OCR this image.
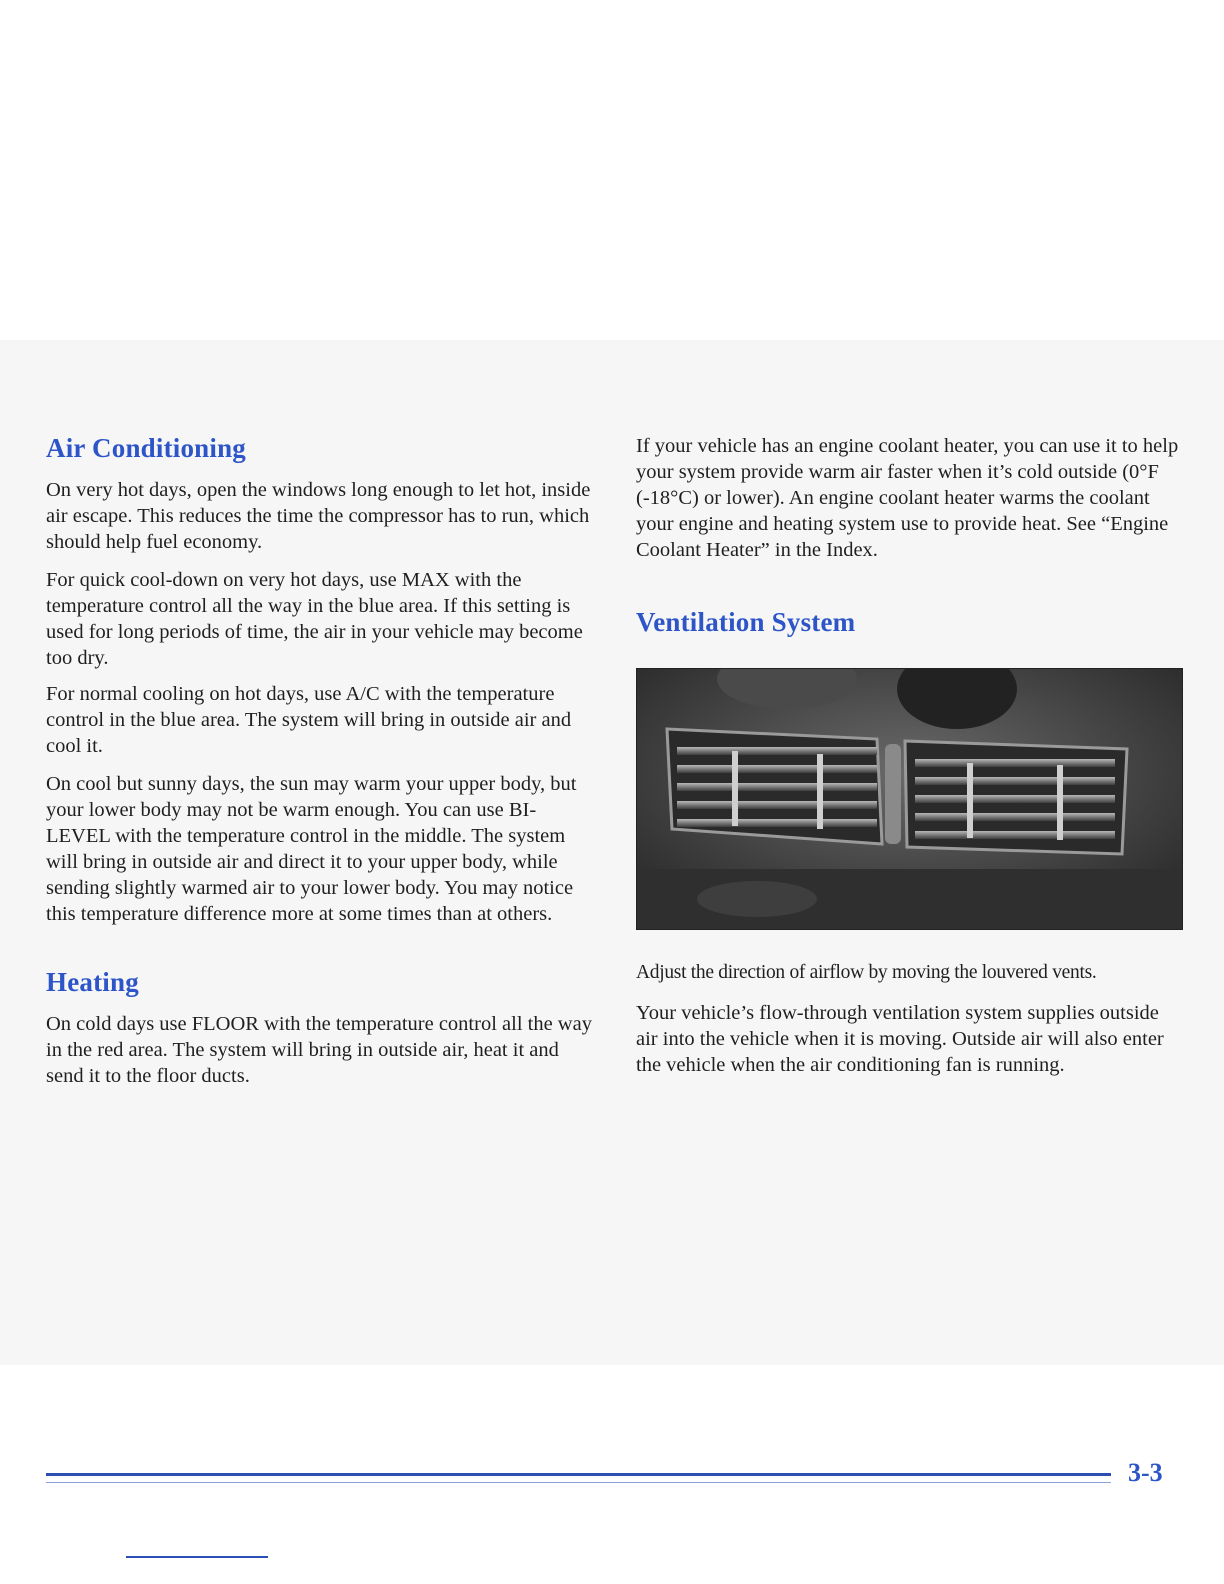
Air Conditioning

On very hot days, open the windows long enough to let hot, inside air escape. This reduces the time the compressor has to run, which should help fuel economy.

For quick cool-down on very hot days, use MAX with the temperature control all the way in the blue area. If this setting is used for long periods of time, the air in your vehicle may become too dry.

For normal cooling on hot days, use A/C with the temperature control in the blue area. The system will bring in outside air and cool it.

On cool but sunny days, the sun may warm your upper body, but your lower body may not be warm enough. You can use BI-LEVEL with the temperature control in the middle. The system will bring in outside air and direct it to your upper body, while sending slightly warmed air to your lower body. You may notice this temperature difference more at some times than at others.

Heating

On cold days use FLOOR with the temperature control all the way in the red area. The system will bring in outside air, heat it and send it to the floor ducts.

If your vehicle has an engine coolant heater, you can use it to help your system provide warm air faster when it’s cold outside (0°F (-18°C) or lower). An engine coolant heater warms the coolant your engine and heating system use to provide heat. See “Engine Coolant Heater” in the Index.

Ventilation System

Adjust the direction of airflow by moving the louvered vents.

Your vehicle’s flow-through ventilation system supplies outside air into the vehicle when it is moving. Outside air will also enter the vehicle when the air conditioning fan is running.

3-3
